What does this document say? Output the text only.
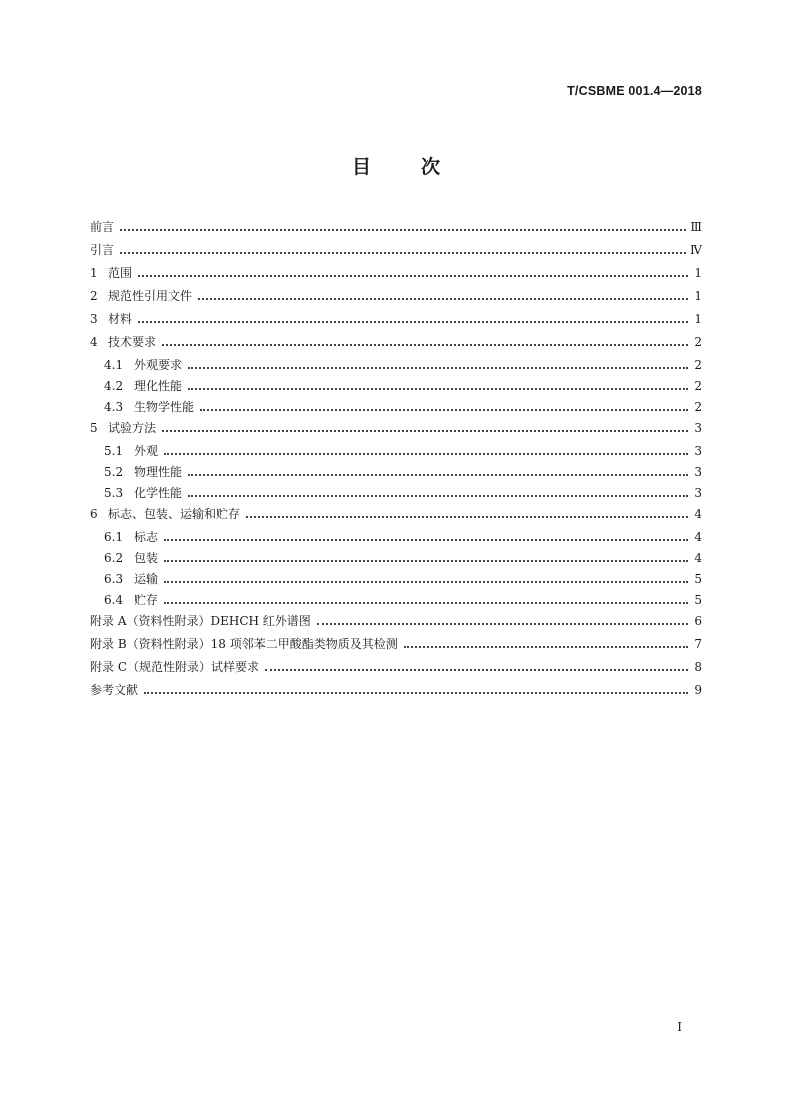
T/CSBME 001.4—2018
目	次
前言	Ⅲ
引言	Ⅳ
1 范围	1
2 规范性引用文件	1
3 材料	1
4 技术要求	2
4.1 外观要求	2
4.2 理化性能	2
4.3 生物学性能	2
5 试验方法	3
5.1 外观	3
5.2 物理性能	3
5.3 化学性能	3
6 标志、包装、运输和贮存	4
6.1 标志	4
6.2 包装	4
6.3 运输	5
6.4 贮存	5
附录 A（资料性附录）DEHCH 红外谱图	6
附录 B（资料性附录）18 项邻苯二甲酸酯类物质及其检测	7
附录 C（规范性附录）试样要求	8
参考文献	9
Ⅰ
